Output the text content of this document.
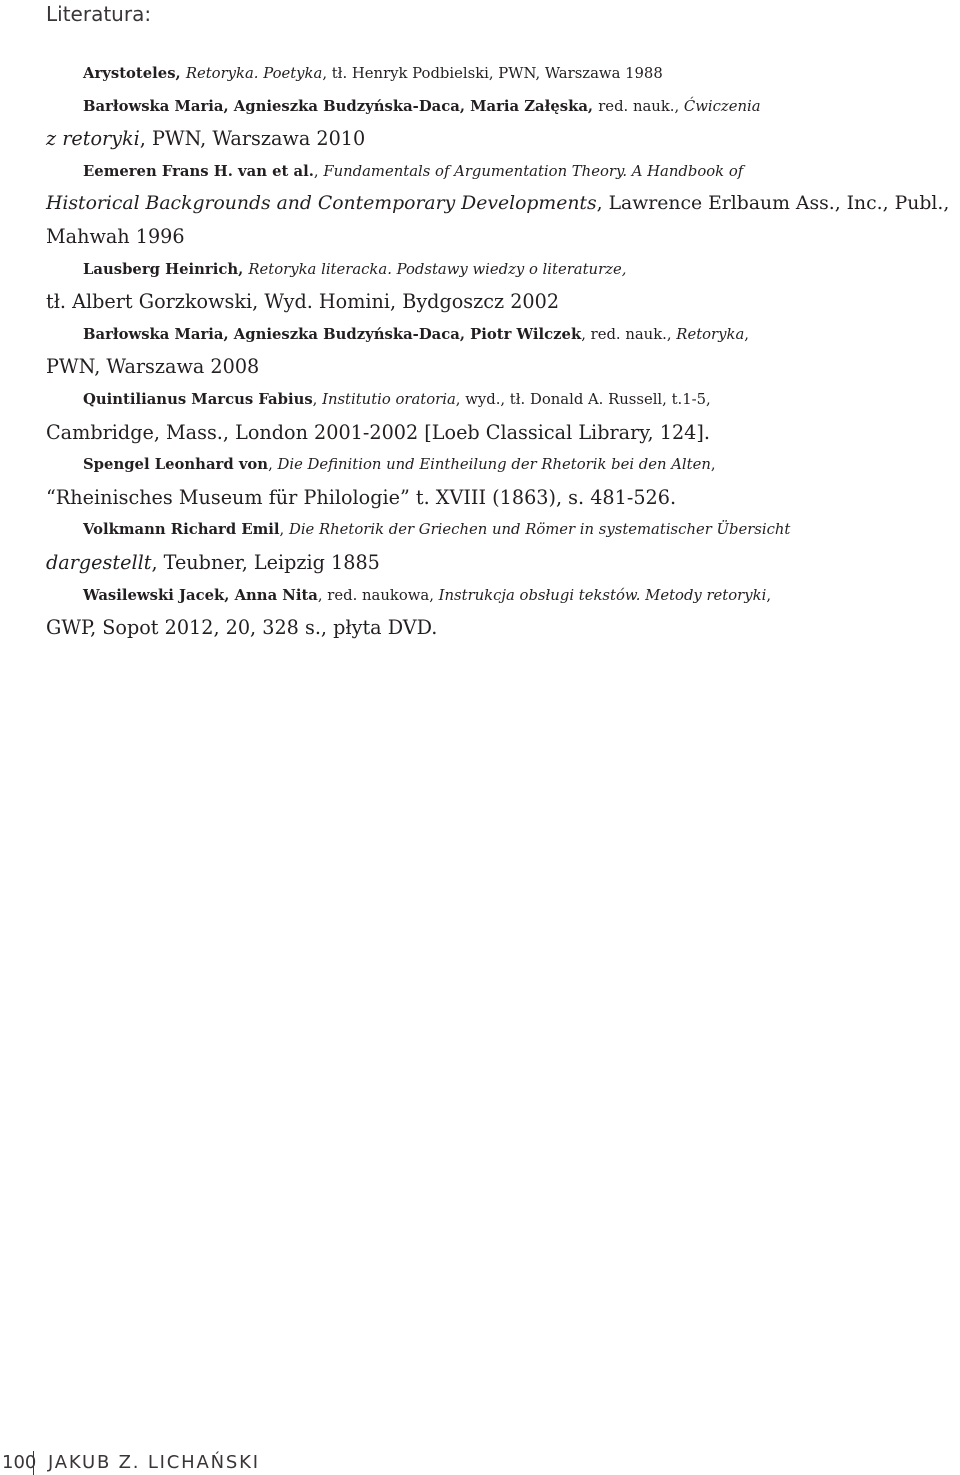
Literatura:
Arystoteles, Retoryka. Poetyka, tł. Henryk Podbielski, PWN, Warszawa 1988
Barłowska Maria, Agnieszka Budzyńska-Daca, Maria Załęska, red. nauk., Ćwiczenia
z retoryki, PWN, Warszawa 2010
Eemeren Frans H. van et al., Fundamentals of Argumentation Theory. A Handbook of
Historical Backgrounds and Contemporary Developments, Lawrence Erlbaum Ass., Inc., Publ.,
Mahwah 1996
Lausberg Heinrich, Retoryka literacka. Podstawy wiedzy o literaturze,
tł. Albert Gorzkowski, Wyd. Homini, Bydgoszcz 2002
Barłowska Maria, Agnieszka Budzyńska-Daca, Piotr Wilczek, red. nauk., Retoryka,
PWN, Warszawa 2008
Quintilianus Marcus Fabius, Institutio oratoria, wyd., tł. Donald A. Russell, t.1-5,
Cambridge, Mass., London 2001-2002 [Loeb Classical Library, 124].
Spengel Leonhard von, Die Definition und Eintheilung der Rhetorik bei den Alten,
“Rheinisches Museum für Philologie” t. XVIII (1863), s. 481-526.
Volkmann Richard Emil, Die Rhetorik der Griechen und Römer in systematischer Übersicht
dargestellt, Teubner, Leipzig 1885
Wasilewski Jacek, Anna Nita, red. naukowa, Instrukcja obsługi tekstów. Metody retoryki,
GWP, Sopot 2012, 20, 328 s., płyta DVD.
100 JAKUB Z. LICHAŃSKI
